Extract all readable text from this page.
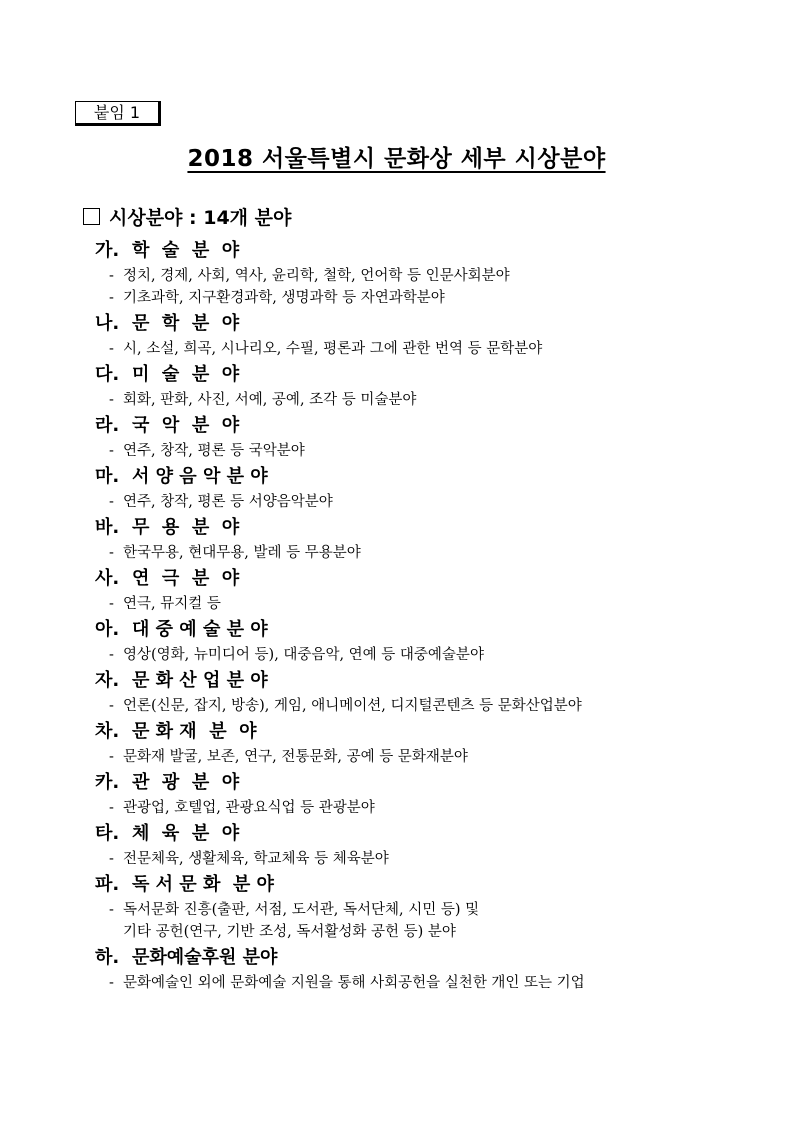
붙임 1
2018 서울특별시 문화상 세부 시상분야
시상분야 : 14개 분야
가. 학  술  분  야
- 정치, 경제, 사회, 역사, 윤리학, 철학, 언어학 등 인문사회분야
- 기초과학, 지구환경과학, 생명과학 등 자연과학분야
나. 문  학  분  야
- 시, 소설, 희곡, 시나리오, 수필, 평론과 그에 관한 번역 등 문학분야
다. 미  술  분  야
- 회화, 판화, 사진, 서예, 공예, 조각 등 미술분야
라. 국  악  분  야
- 연주, 창작, 평론 등 국악분야
마. 서 양 음 악 분 야
- 연주, 창작, 평론 등 서양음악분야
바. 무  용  분  야
- 한국무용, 현대무용, 발레 등 무용분야
사. 연  극  분  야
- 연극, 뮤지컬 등
아. 대 중 예 술 분 야
- 영상(영화, 뉴미디어 등), 대중음악, 연예 등 대중예술분야
자. 문 화 산 업 분 야
- 언론(신문, 잡지, 방송), 게임, 애니메이션, 디지털콘텐츠 등 문화산업분야
차. 문 화 재  분  야
- 문화재 발굴, 보존, 연구, 전통문화, 공예 등 문화재분야
카. 관  광  분  야
- 관광업, 호텔업, 관광요식업 등 관광분야
타. 체  육  분  야
- 전문체육, 생활체육, 학교체육 등 체육분야
파. 독 서 문 화  분 야
- 독서문화 진흥(출판, 서점, 도서관, 독서단체, 시민 등) 및
기타 공헌(연구, 기반 조성, 독서활성화 공헌 등) 분야
하. 문화예술후원 분야
- 문화예술인 외에 문화예술 지원을 통해 사회공헌을 실천한 개인 또는 기업
